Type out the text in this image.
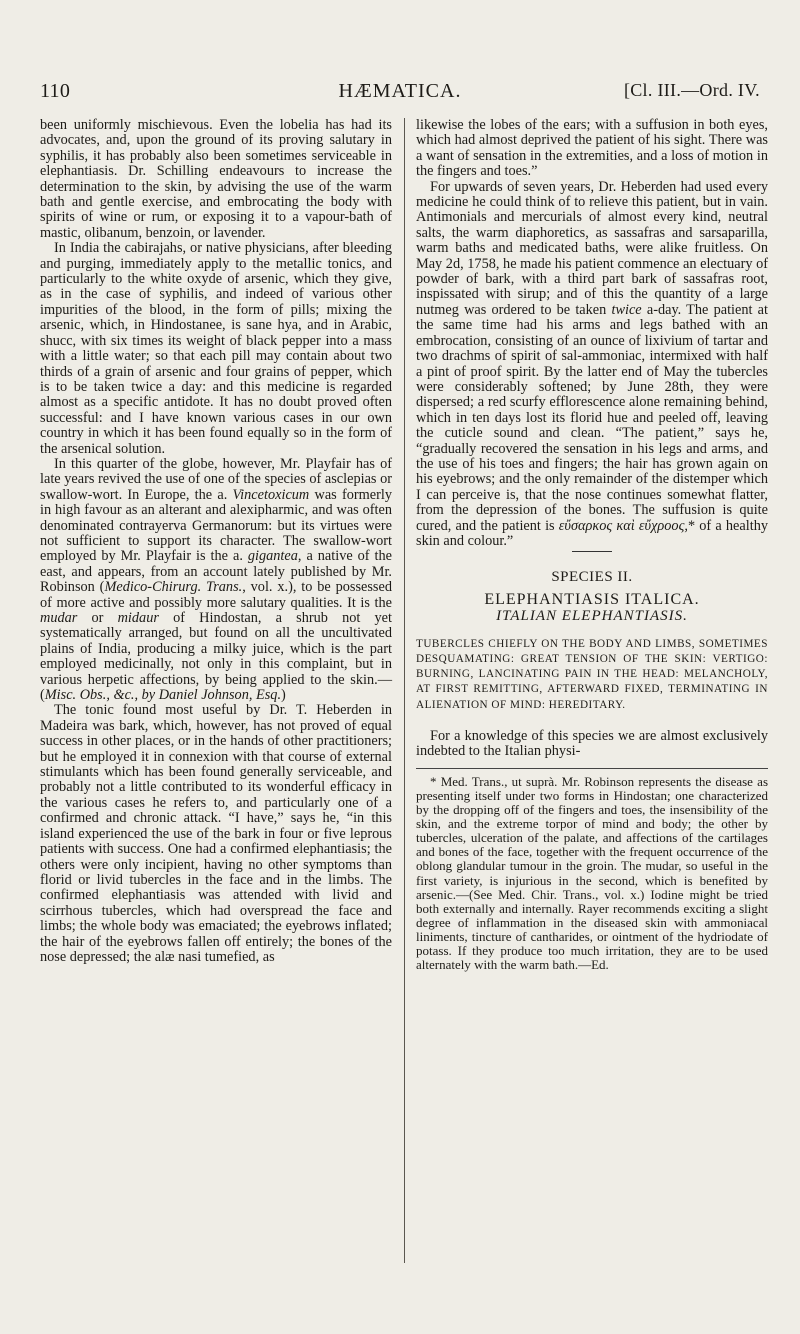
110	HÆMATICA.	[Cl. III.—Ord. IV.

been uniformly mischievous. Even the lobelia has had its advocates, and, upon the ground of its proving salutary in syphilis, it has probably also been sometimes serviceable in elephantiasis. Dr. Schilling endeavours to increase the determination to the skin, by advising the use of the warm bath and gentle exercise, and embrocating the body with spirits of wine or rum, or exposing it to a vapour-bath of mastic, olibanum, benzoin, or lavender.

In India the cabirajahs, or native physicians, after bleeding and purging, immediately apply to the metallic tonics, and particularly to the white oxyde of arsenic, which they give, as in the case of syphilis, and indeed of various other impurities of the blood, in the form of pills; mixing the arsenic, which, in Hindostanee, is sane hya, and in Arabic, shucc, with six times its weight of black pepper into a mass with a little water; so that each pill may contain about two thirds of a grain of arsenic and four grains of pepper, which is to be taken twice a day: and this medicine is regarded almost as a specific antidote. It has no doubt proved often successful: and I have known various cases in our own country in which it has been found equally so in the form of the arsenical solution.

In this quarter of the globe, however, Mr. Playfair has of late years revived the use of one of the species of asclepias or swallow-wort. In Europe, the a. Vincetoxicum was formerly in high favour as an alterant and alexipharmic, and was often denominated contrayerva Germanorum: but its virtues were not sufficient to support its character. The swallow-wort employed by Mr. Playfair is the a. gigantea, a native of the east, and appears, from an account lately published by Mr. Robinson (Medico-Chirurg. Trans., vol. x.), to be possessed of more active and possibly more salutary qualities. It is the mudar or midaur of Hindostan, a shrub not yet systematically arranged, but found on all the uncultivated plains of India, producing a milky juice, which is the part employed medicinally, not only in this complaint, but in various herpetic affections, by being applied to the skin.—(Misc. Obs., &c., by Daniel Johnson, Esq.)

The tonic found most useful by Dr. T. Heberden in Madeira was bark, which, however, has not proved of equal success in other places, or in the hands of other practitioners; but he employed it in connexion with that course of external stimulants which has been found generally serviceable, and probably not a little contributed to its wonderful efficacy in the various cases he refers to, and particularly one of a confirmed and chronic attack. “I have,” says he, “in this island experienced the use of the bark in four or five leprous patients with success. One had a confirmed elephantiasis; the others were only incipient, having no other symptoms than florid or livid tubercles in the face and in the limbs. The confirmed elephantiasis was attended with livid and scirrhous tubercles, which had overspread the face and limbs; the whole body was emaciated; the eyebrows inflated; the hair of the eyebrows fallen off entirely; the bones of the nose depressed; the alæ nasi tumefied, as

likewise the lobes of the ears; with a suffusion in both eyes, which had almost deprived the patient of his sight. There was a want of sensation in the extremities, and a loss of motion in the fingers and toes.”

For upwards of seven years, Dr. Heberden had used every medicine he could think of to relieve this patient, but in vain. Antimonials and mercurials of almost every kind, neutral salts, the warm diaphoretics, as sassafras and sarsaparilla, warm baths and medicated baths, were alike fruitless. On May 2d, 1758, he made his patient commence an electuary of powder of bark, with a third part bark of sassafras root, inspissated with sirup; and of this the quantity of a large nutmeg was ordered to be taken twice a-day. The patient at the same time had his arms and legs bathed with an embrocation, consisting of an ounce of lixivium of tartar and two drachms of spirit of sal-ammoniac, intermixed with half a pint of proof spirit. By the latter end of May the tubercles were considerably softened; by June 28th, they were dispersed; a red scurfy efflorescence alone remaining behind, which in ten days lost its florid hue and peeled off, leaving the cuticle sound and clean. “The patient,” says he, “gradually recovered the sensation in his legs and arms, and the use of his toes and fingers; the hair has grown again on his eyebrows; and the only remainder of the distemper which I can perceive is, that the nose continues somewhat flatter, from the depression of the bones. The suffusion is quite cured, and the patient is εὔσαρκος καὶ εὔχροος,* of a healthy skin and colour.”

SPECIES II.
ELEPHANTIASIS ITALICA.
ITALIAN ELEPHANTIASIS.
TUBERCLES CHIEFLY ON THE BODY AND LIMBS, SOMETIMES DESQUAMATING: GREAT TENSION OF THE SKIN: VERTIGO: BURNING, LANCINATING PAIN IN THE HEAD: MELANCHOLY, AT FIRST REMITTING, AFTERWARD FIXED, TERMINATING IN ALIENATION OF MIND: HEREDITARY.

For a knowledge of this species we are almost exclusively indebted to the Italian physi-

* Med. Trans., ut suprà. Mr. Robinson represents the disease as presenting itself under two forms in Hindostan; one characterized by the dropping off of the fingers and toes, the insensibility of the skin, and the extreme torpor of mind and body; the other by tubercles, ulceration of the palate, and affections of the cartilages and bones of the face, together with the frequent occurrence of the oblong glandular tumour in the groin. The mudar, so useful in the first variety, is injurious in the second, which is benefited by arsenic.—(See Med. Chir. Trans., vol. x.) Iodine might be tried both externally and internally. Rayer recommends exciting a slight degree of inflammation in the diseased skin with ammoniacal liniments, tincture of cantharides, or ointment of the hydriodate of potass. If they produce too much irritation, they are to be used alternately with the warm bath.—Ed.
